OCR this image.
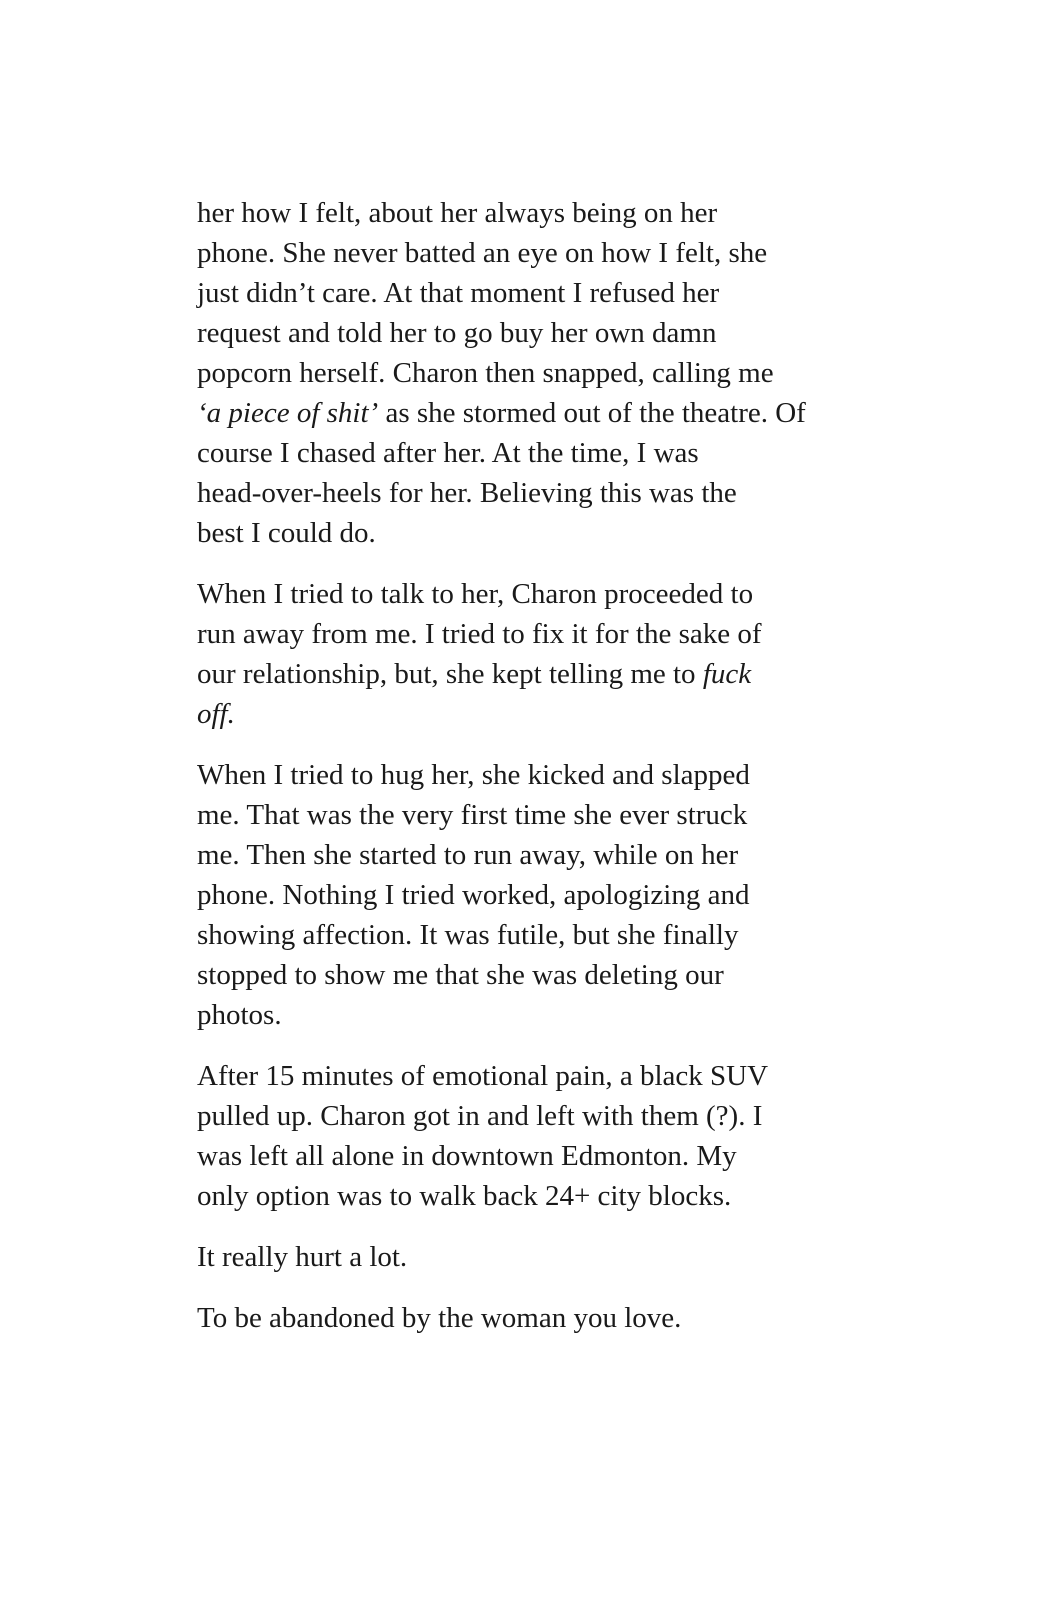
her how I felt, about her always being on her
phone. She never batted an eye on how I felt, she
just didn’t care. At that moment I refused her
request and told her to go buy her own damn
popcorn herself. Charon then snapped, calling me
‘a piece of shit’ as she stormed out of the theatre. Of
course I chased after her. At the time, I was
head-over-heels for her. Believing this was the
best I could do.
When I tried to talk to her, Charon proceeded to
run away from me. I tried to fix it for the sake of
our relationship, but, she kept telling me to fuck
off.
When I tried to hug her, she kicked and slapped
me. That was the very first time she ever struck
me. Then she started to run away, while on her
phone. Nothing I tried worked, apologizing and
showing affection. It was futile, but she finally
stopped to show me that she was deleting our
photos.
After 15 minutes of emotional pain, a black SUV
pulled up. Charon got in and left with them (?). I
was left all alone in downtown Edmonton. My
only option was to walk back 24+ city blocks.
It really hurt a lot.
To be abandoned by the woman you love.
